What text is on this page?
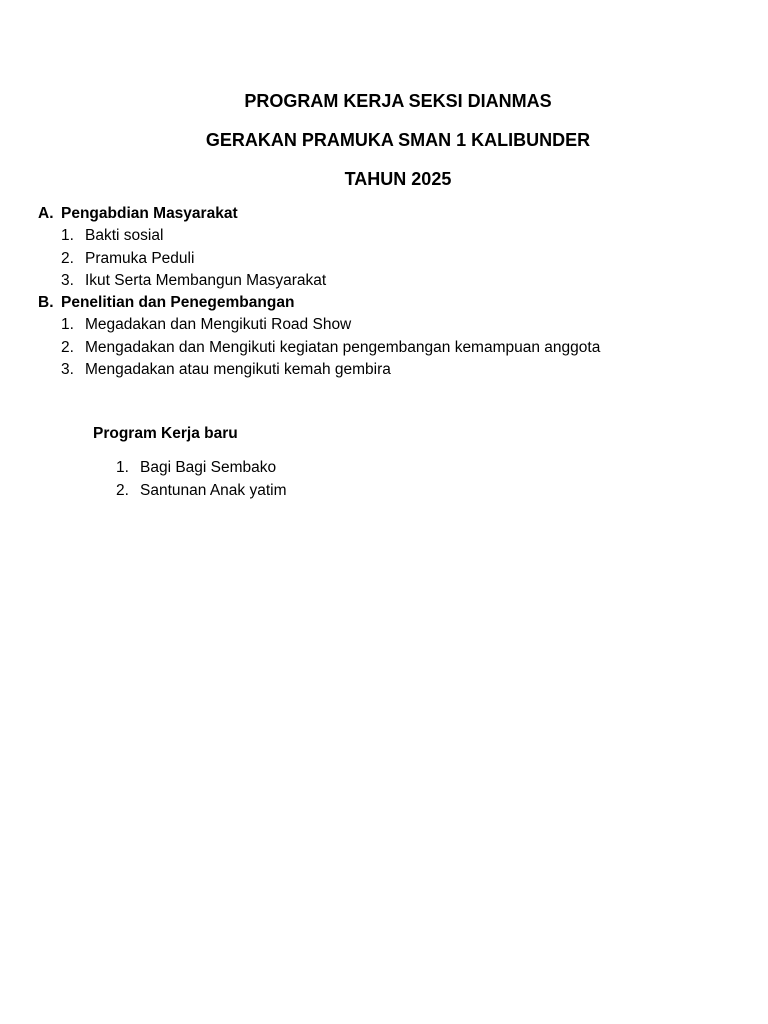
PROGRAM KERJA SEKSI DIANMAS
GERAKAN PRAMUKA SMAN 1 KALIBUNDER
TAHUN 2025
A. Pengabdian Masyarakat
1. Bakti sosial
2. Pramuka Peduli
3. Ikut Serta Membangun Masyarakat
B. Penelitian dan Penegembangan
1. Megadakan dan Mengikuti Road Show
2. Mengadakan dan Mengikuti kegiatan pengembangan kemampuan anggota
3. Mengadakan atau mengikuti kemah gembira
Program Kerja baru
1. Bagi Bagi Sembako
2. Santunan Anak yatim
